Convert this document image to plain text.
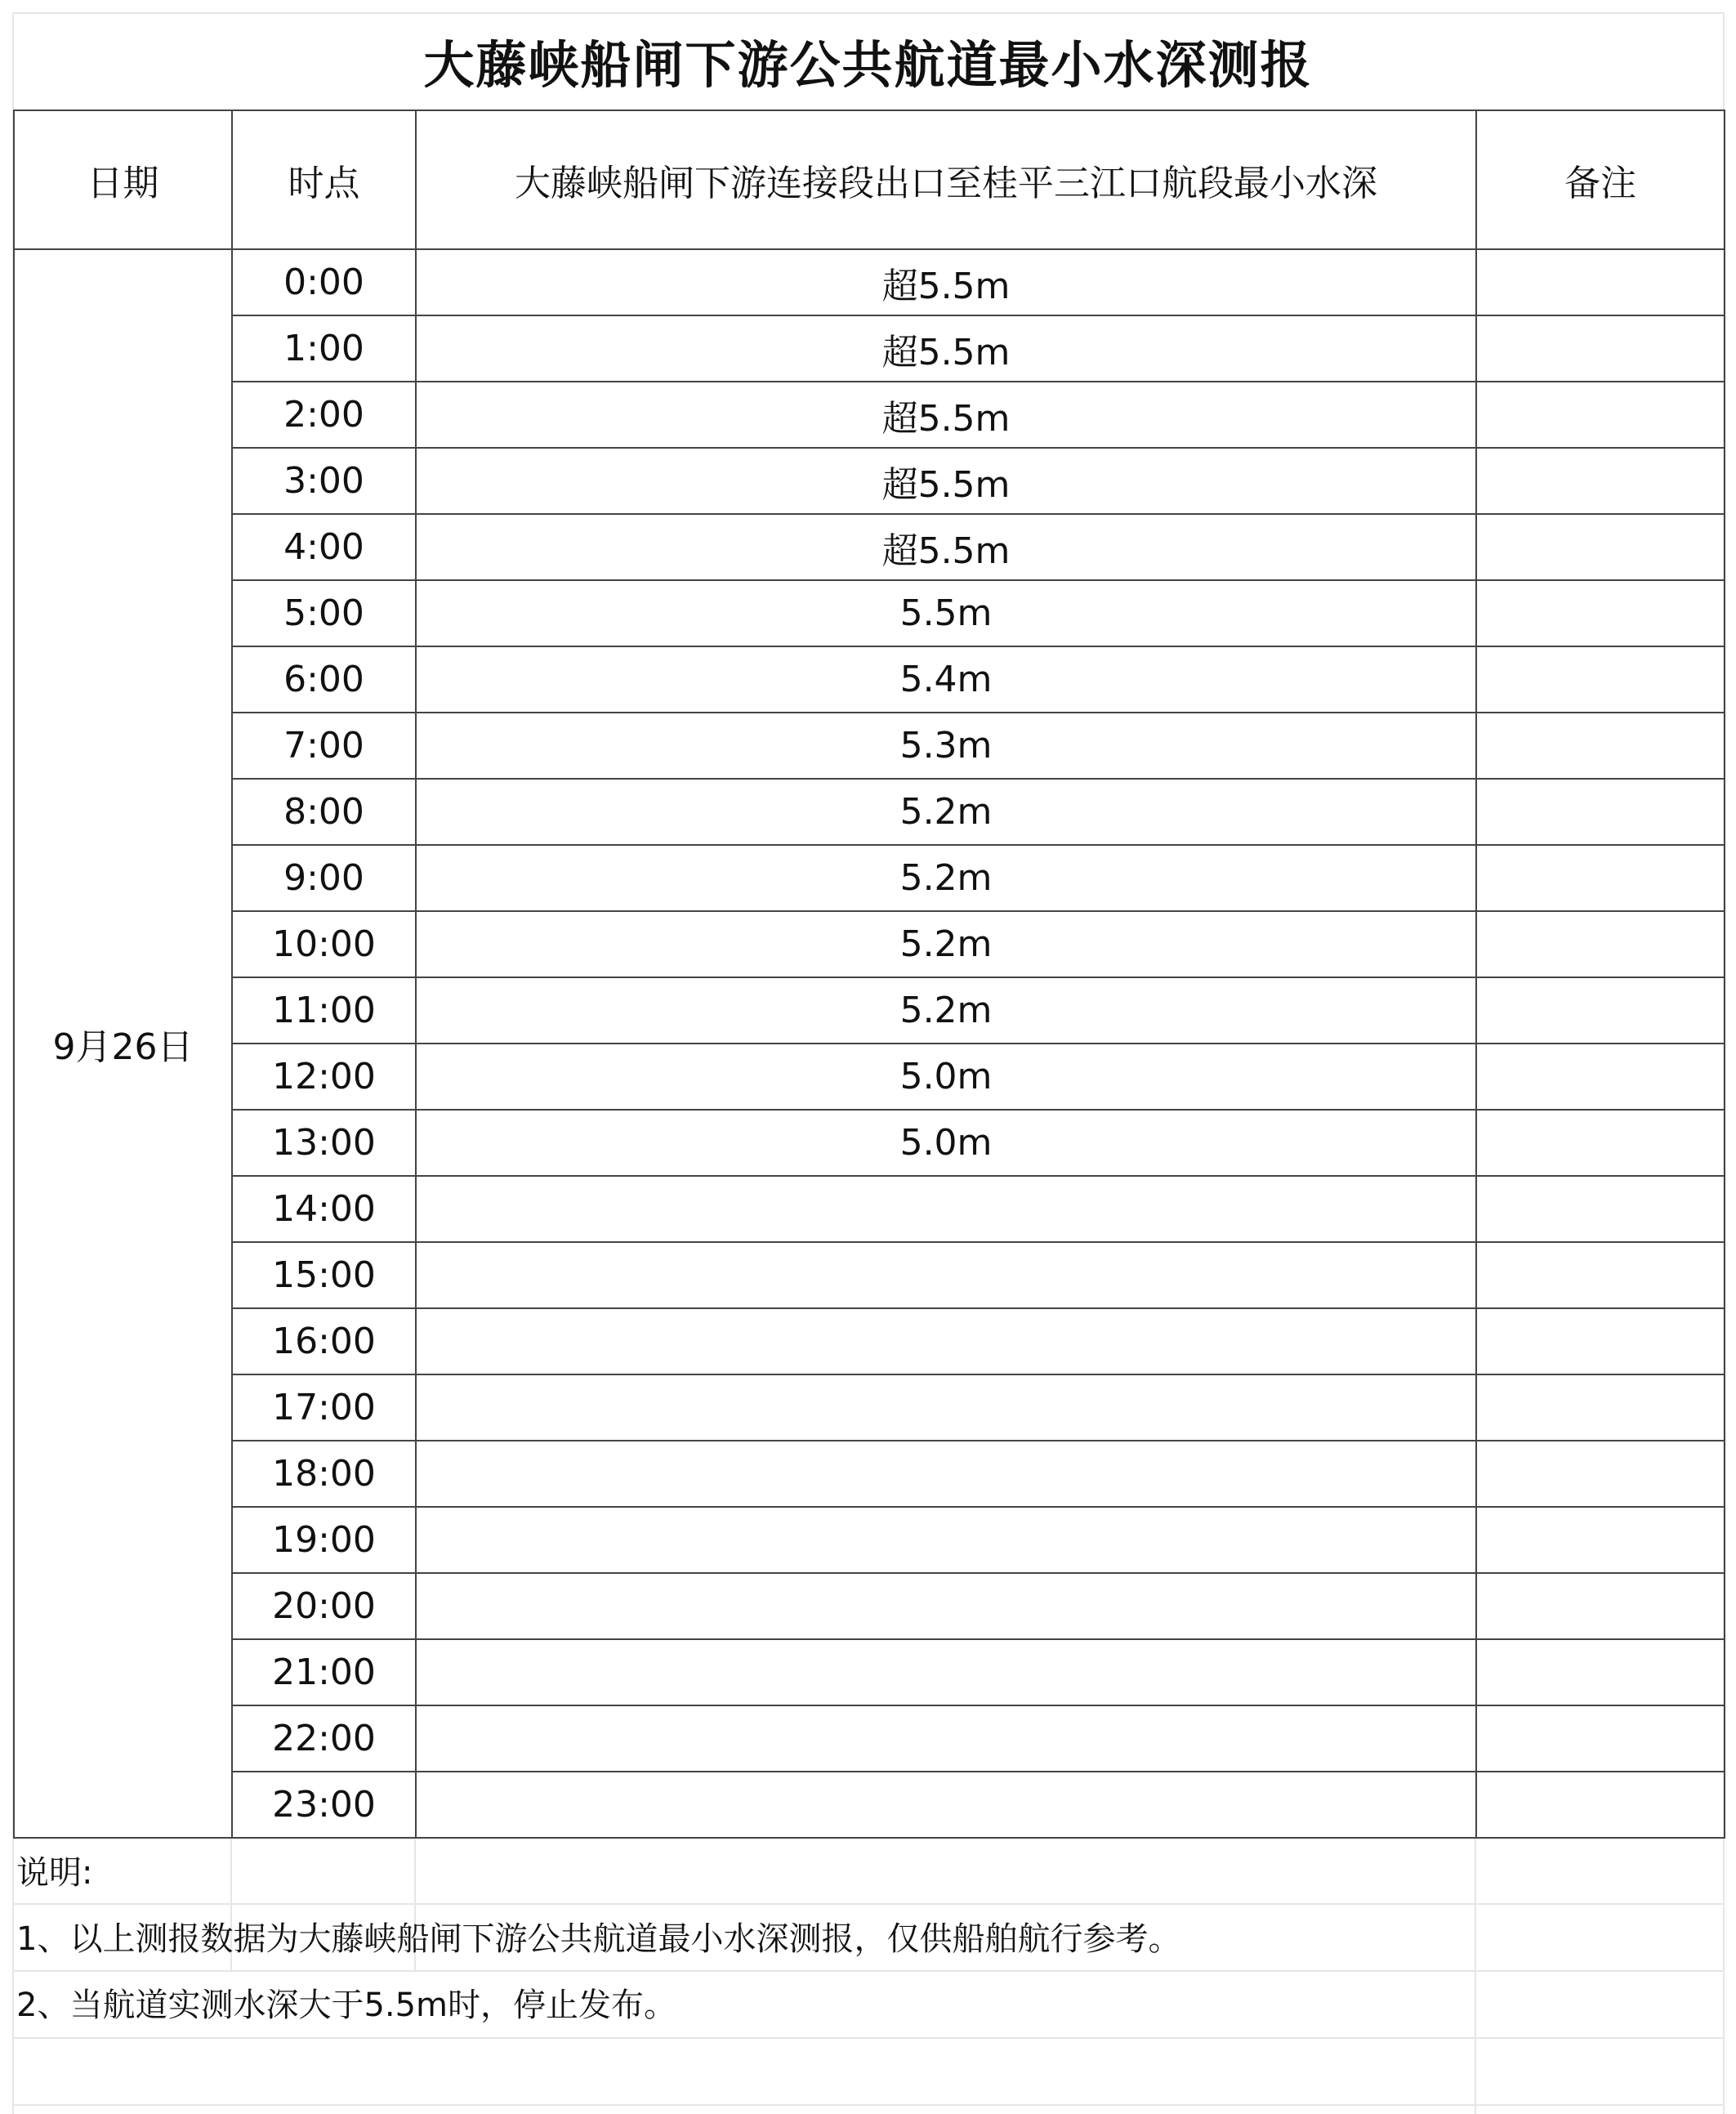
大藤峡船闸下游公共航道最小水深测报
日期	时点	大藤峡船闸下游连接段出口至桂平三江口航段最小水深	备注
9月26日	0:00	超5.5m	
	1:00	超5.5m	
	2:00	超5.5m	
	3:00	超5.5m	
	4:00	超5.5m	
	5:00	5.5m	
	6:00	5.4m	
	7:00	5.3m	
	8:00	5.2m	
	9:00	5.2m	
	10:00	5.2m	
	11:00	5.2m	
	12:00	5.0m	
	13:00	5.0m	
	14:00		
	15:00		
	16:00		
	17:00		
	18:00		
	19:00		
	20:00		
	21:00		
	22:00		
	23:00		
说明:
1、以上测报数据为大藤峡船闸下游公共航道最小水深测报，仅供船舶航行参考。
2、当航道实测水深大于5.5m时，停止发布。
